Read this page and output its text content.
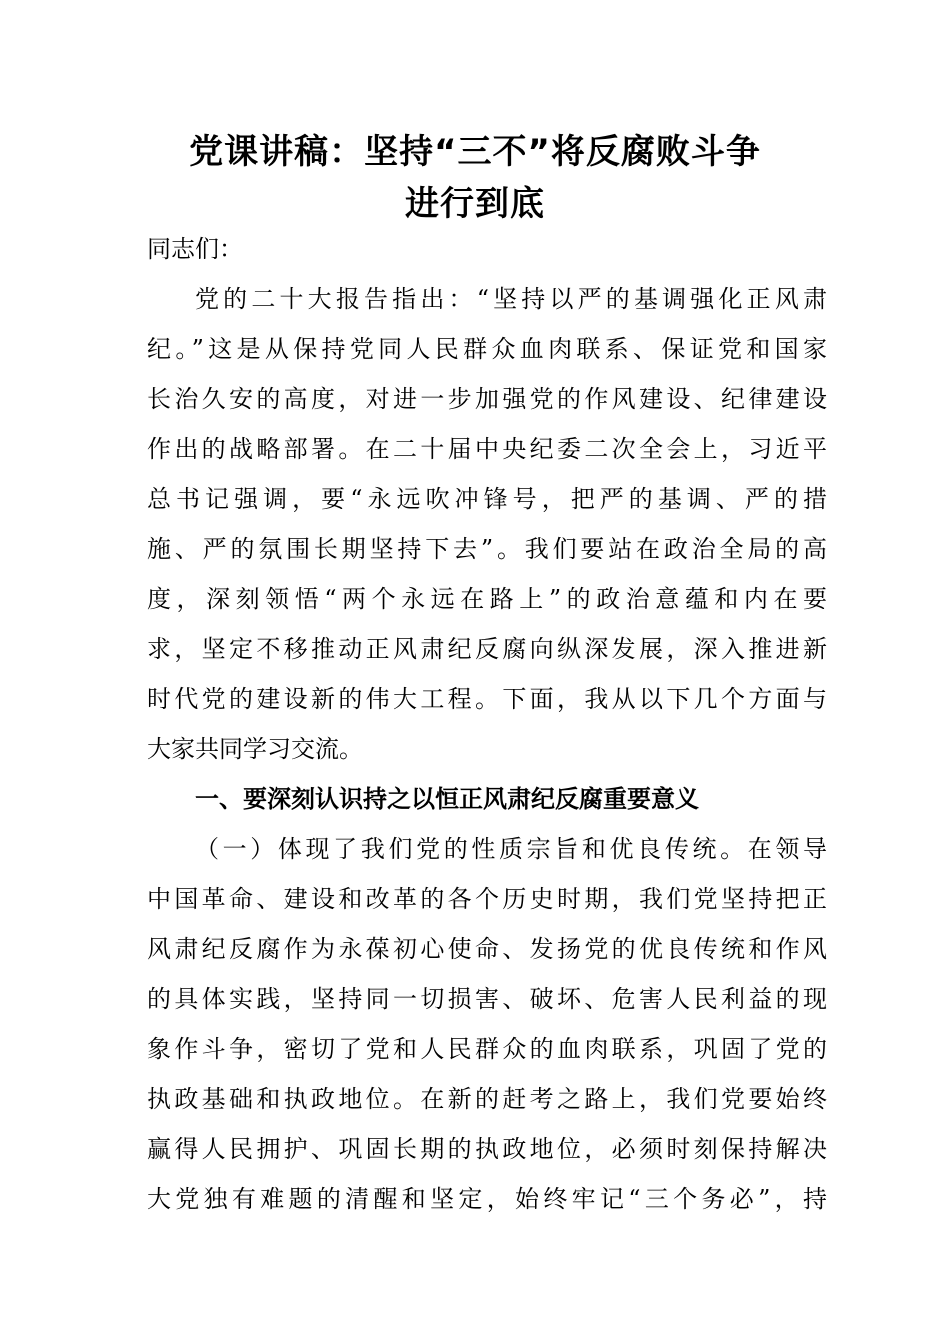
党课讲稿：坚持“三不”将反腐败斗争
进行到底
同志们：
党的二十大报告指出：“坚持以严的基调强化正风肃
纪。”这是从保持党同人民群众血肉联系、保证党和国家
长治久安的高度，对进一步加强党的作风建设、纪律建设
作出的战略部署。在二十届中央纪委二次全会上，习近平
总书记强调，要“永远吹冲锋号，把严的基调、严的措
施、严的氛围长期坚持下去”。我们要站在政治全局的高
度，深刻领悟“两个永远在路上”的政治意蕴和内在要
求，坚定不移推动正风肃纪反腐向纵深发展，深入推进新
时代党的建设新的伟大工程。下面，我从以下几个方面与
大家共同学习交流。
一、要深刻认识持之以恒正风肃纪反腐重要意义
（一）体现了我们党的性质宗旨和优良传统。在领导
中国革命、建设和改革的各个历史时期，我们党坚持把正
风肃纪反腐作为永葆初心使命、发扬党的优良传统和作风
的具体实践，坚持同一切损害、破坏、危害人民利益的现
象作斗争，密切了党和人民群众的血肉联系，巩固了党的
执政基础和执政地位。在新的赶考之路上，我们党要始终
赢得人民拥护、巩固长期的执政地位，必须时刻保持解决
大党独有难题的清醒和坚定，始终牢记“三个务必”，持
